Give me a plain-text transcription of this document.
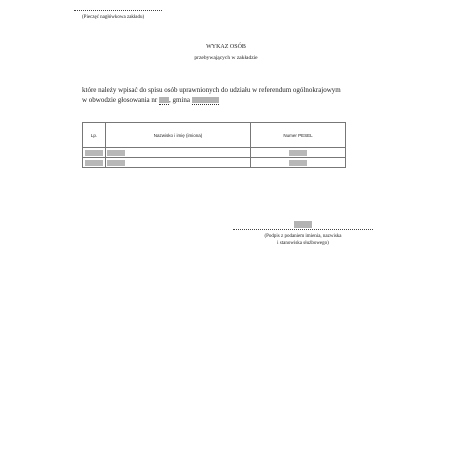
(Pieczęć nagłówkowa zakładu)
WYKAZ OSÓB
przebywających w zakładzie
które należy wpisać do spisu osób uprawnionych do udziału w referendum ogólnokrajowym
w obwodzie głosowania nr , gmina
Lp.	Nazwisko i imię (imiona)	Numer PESEL

(Podpis z podaniem imienia, nazwiska
i stanowiska służbowego)
